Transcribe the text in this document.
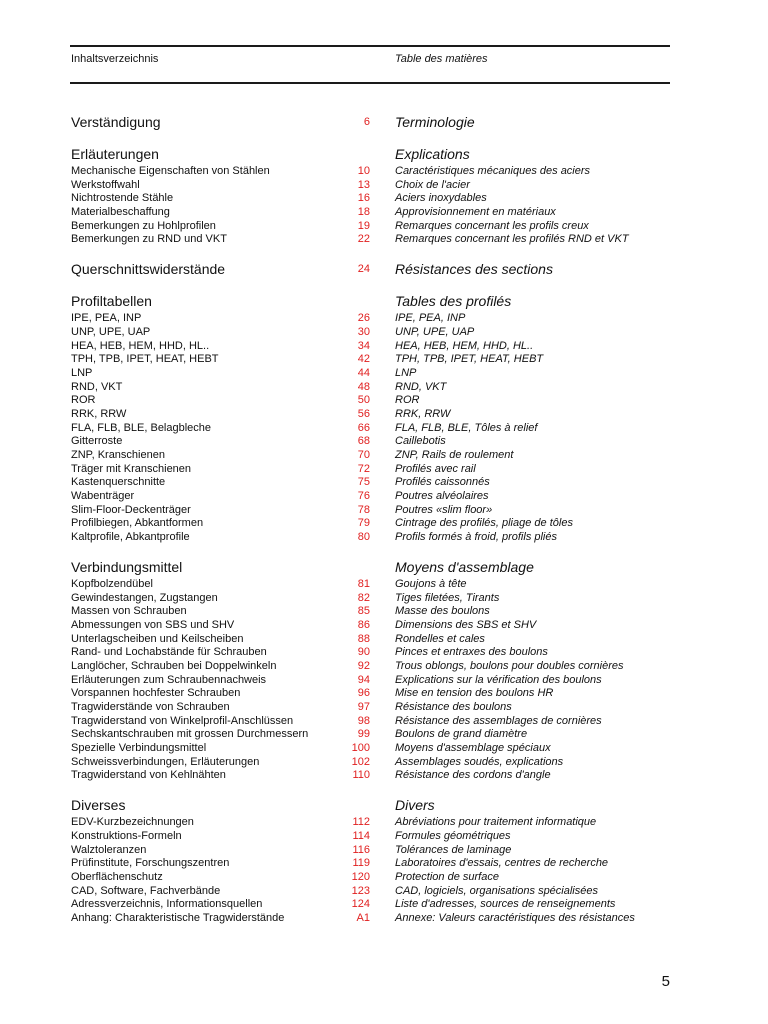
Inhaltsverzeichnis	Table des matières
Verständigung	6 Terminologie
Erläuterungen	Explications
Mechanische Eigenschaften von Stählen	10 Caractéristiques mécaniques des aciers
Werkstoffwahl	13 Choix de l'acier
Nichtrostende Stähle	16 Aciers inoxydables
Materialbeschaffung	18 Approvisionnement en matériaux
Bemerkungen zu Hohlprofilen	19 Remarques concernant les profils creux
Bemerkungen zu RND und VKT	22 Remarques concernant les profilés RND et VKT
Querschnittswiderstände	24 Résistances des sections
Profiltabellen	Tables des profilés
IPE, PEA, INP	26 IPE, PEA, INP
UNP, UPE, UAP	30 UNP, UPE, UAP
HEA, HEB, HEM, HHD, HL..	34 HEA, HEB, HEM, HHD, HL..
TPH, TPB, IPET, HEAT, HEBT	42 TPH, TPB, IPET, HEAT, HEBT
LNP	44 LNP
RND, VKT	48 RND, VKT
ROR	50 ROR
RRK, RRW	56 RRK, RRW
FLA, FLB, BLE, Belagbleche	66 FLA, FLB, BLE, Tôles à relief
Gitterroste	68 Caillebotis
ZNP, Kranschienen	70 ZNP, Rails de roulement
Träger mit Kranschienen	72 Profilés avec rail
Kastenquerschnitte	75 Profilés caissonnés
Wabenträger	76 Poutres alvéolaires
Slim-Floor-Deckenträger	78 Poutres «slim floor»
Profilbiegen, Abkantformen	79 Cintrage des profilés, pliage de tôles
Kaltprofile, Abkantprofile	80 Profils formés à froid, profils pliés
Verbindungsmittel	Moyens d'assemblage
Kopfbolzendübel	81 Goujons à tête
Gewindestangen, Zugstangen	82 Tiges filetées, Tirants
Massen von Schrauben	85 Masse des boulons
Abmessungen von SBS und SHV	86 Dimensions des SBS et SHV
Unterlagscheiben und Keilscheiben	88 Rondelles et cales
Rand- und Lochabstände für Schrauben	90 Pinces et entraxes des boulons
Langlöcher, Schrauben bei Doppelwinkeln	92 Trous oblongs, boulons pour doubles cornières
Erläuterungen zum Schraubennachweis	94 Explications sur la vérification des boulons
Vorspannen hochfester Schrauben	96 Mise en tension des boulons HR
Tragwiderstände von Schrauben	97 Résistance des boulons
Tragwiderstand von Winkelprofil-Anschlüssen	98 Résistance des assemblages de cornières
Sechskantschrauben mit grossen Durchmessern	99 Boulons de grand diamètre
Spezielle Verbindungsmittel	100 Moyens d'assemblage spéciaux
Schweissverbindungen, Erläuterungen	102 Assemblages soudés, explications
Tragwiderstand von Kehlnähten	110 Résistance des cordons d'angle
Diverses	Divers
EDV-Kurzbezeichnungen	112 Abréviations pour traitement informatique
Konstruktions-Formeln	114 Formules géométriques
Walztoleranzen	116 Tolérances de laminage
Prüfinstitute, Forschungszentren	119 Laboratoires d'essais, centres de recherche
Oberflächenschutz	120 Protection de surface
CAD, Software, Fachverbände	123 CAD, logiciels, organisations spécialisées
Adressverzeichnis, Informationsquellen	124 Liste d'adresses, sources de renseignements
Anhang: Charakteristische Tragwiderstände	A1 Annexe: Valeurs caractéristiques des résistances
5
